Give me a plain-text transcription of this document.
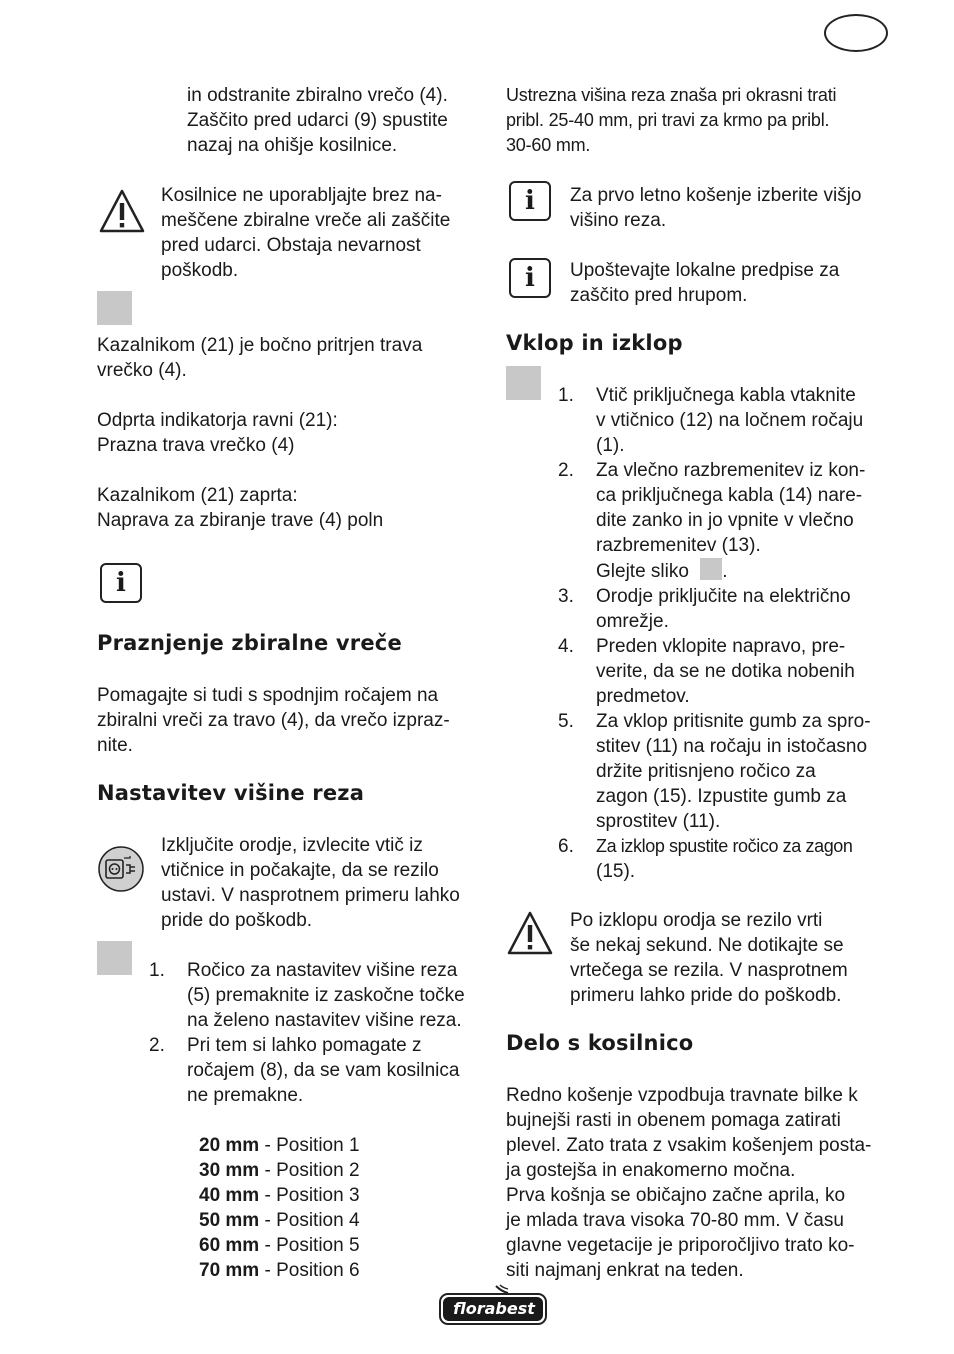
in odstranite zbiralno vrečo (4).
Zaščito pred udarci (9) spustite
nazaj na ohišje kosilnice.
Kosilnice ne uporabljajte brez na-
meščene zbiralne vreče ali zaščite
pred udarci. Obstaja nevarnost
poškodb.
Kazalnikom (21) je bočno pritrjen trava
vrečko (4).
Odprta indikatorja ravni (21):
Prazna trava vrečko (4)
Kazalnikom (21) zaprta:
Naprava za zbiranje trave (4) poln
i
Praznjenje zbiralne vreče
Pomagajte si tudi s spodnjim ročajem na
zbiralni vreči za travo (4), da vrečo izpraz-
nite.
Nastavitev višine reza
Izključite orodje, izvlecite vtič iz
vtičnice in počakajte, da se rezilo
ustavi. V nasprotnem primeru lahko
pride do poškodb.
1. Ročico za nastavitev višine reza
(5) premaknite iz zaskočne točke
na želeno nastavitev višine reza.
2. Pri tem si lahko pomagate z
ročajem (8), da se vam kosilnica
ne premakne.
20 mm - Position 1
30 mm - Position 2
40 mm - Position 3
50 mm - Position 4
60 mm - Position 5
70 mm - Position 6
Ustrezna višina reza znaša pri okrasni trati
pribl. 25-40 mm, pri travi za krmo pa pribl.
30-60 mm.
i Za prvo letno košenje izberite višjo
višino reza.
i Upoštevajte lokalne predpise za
zaščito pred hrupom.
Vklop in izklop
1. Vtič priključnega kabla vtaknite
v vtičnico (12) na ločnem ročaju
(1).
2. Za vlečno razbremenitev iz kon-
ca priključnega kabla (14) nare-
dite zanko in jo vpnite v vlečno
razbremenitev (13).
Glejte sliko .
3. Orodje priključite na električno
omrežje.
4. Preden vklopite napravo, pre-
verite, da se ne dotika nobenih
predmetov.
5. Za vklop pritisnite gumb za spro-
stitev (11) na ročaju in istočasno
držite pritisnjeno ročico za
zagon (15). Izpustite gumb za
sprostitev (11).
6. Za izklop spustite ročico za zagon
(15).
Po izklopu orodja se rezilo vrti
še nekaj sekund. Ne dotikajte se
vrtečega se rezila. V nasprotnem
primeru lahko pride do poškodb.
Delo s kosilnico
Redno košenje vzpodbuja travnate bilke k
bujnejši rasti in obenem pomaga zatirati
plevel. Zato trata z vsakim košenjem posta-
ja gostejša in enakomerno močna.
Prva košnja se običajno začne aprila, ko
je mlada trava visoka 70-80 mm. V času
glavne vegetacije je priporočljivo trato ko-
siti najmanj enkrat na teden.
florabest
